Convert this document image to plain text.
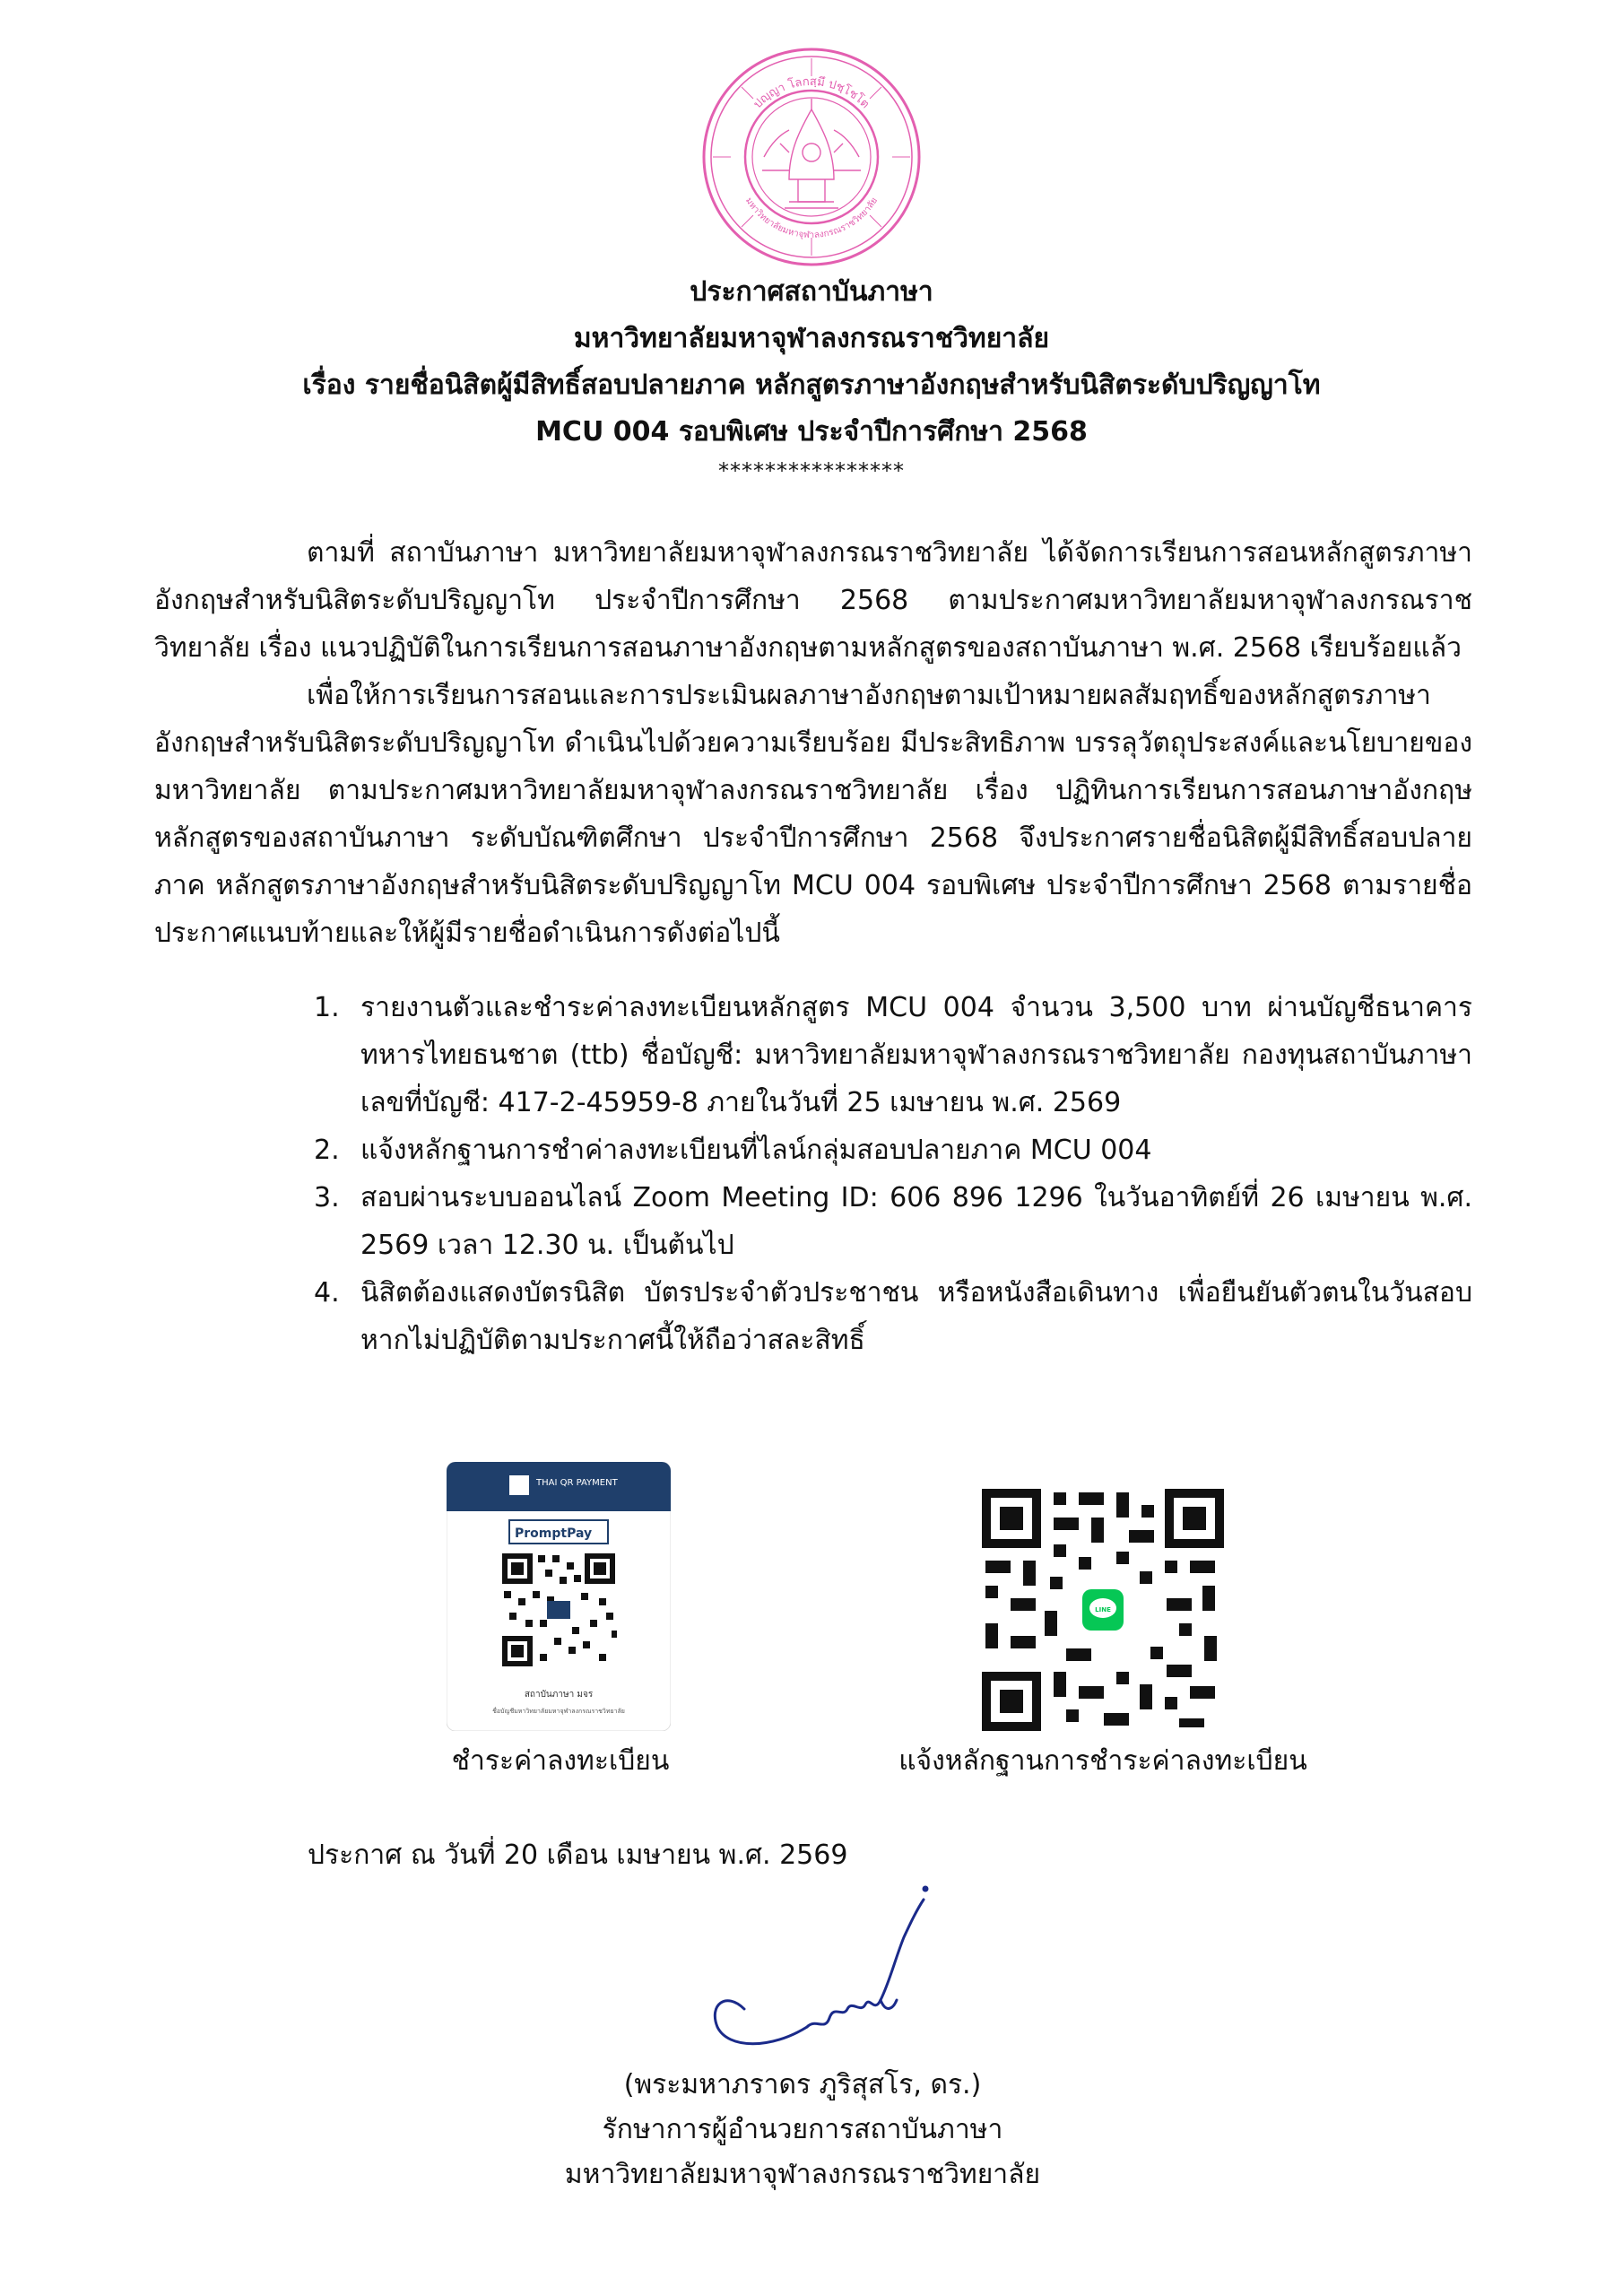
ปญฺญา โลกสฺมึ ปชฺโชโต
มหาวิทยาลัยมหาจุฬาลงกรณราชวิทยาลัย
ประกาศสถาบันภาษา
มหาวิทยาลัยมหาจุฬาลงกรณราชวิทยาลัย
เรื่อง รายชื่อนิสิตผู้มีสิทธิ์สอบปลายภาค หลักสูตรภาษาอังกฤษสำหรับนิสิตระดับปริญญาโท
MCU 004 รอบพิเศษ ประจำปีการศึกษา 2568
****************

ตามที่ สถาบันภาษา มหาวิทยาลัยมหาจุฬาลงกรณราชวิทยาลัย ได้จัดการเรียนการสอนหลักสูตรภาษาอังกฤษสำหรับนิสิตระดับปริญญาโท ประจำปีการศึกษา 2568 ตามประกาศมหาวิทยาลัยมหาจุฬาลงกรณราชวิทยาลัย เรื่อง แนวปฏิบัติในการเรียนการสอนภาษาอังกฤษตามหลักสูตรของสถาบันภาษา พ.ศ. 2568 เรียบร้อยแล้ว

เพื่อให้การเรียนการสอนและการประเมินผลภาษาอังกฤษตามเป้าหมายผลสัมฤทธิ์ของหลักสูตรภาษาอังกฤษสำหรับนิสิตระดับปริญญาโท ดำเนินไปด้วยความเรียบร้อย มีประสิทธิภาพ บรรลุวัตถุประสงค์และนโยบายของมหาวิทยาลัย ตามประกาศมหาวิทยาลัยมหาจุฬาลงกรณราชวิทยาลัย เรื่อง ปฏิทินการเรียนการสอนภาษาอังกฤษหลักสูตรของสถาบันภาษา ระดับบัณฑิตศึกษา ประจำปีการศึกษา 2568 จึงประกาศรายชื่อนิสิตผู้มีสิทธิ์สอบปลายภาค หลักสูตรภาษาอังกฤษสำหรับนิสิตระดับปริญญาโท MCU 004 รอบพิเศษ ประจำปีการศึกษา 2568 ตามรายชื่อประกาศแนบท้ายและให้ผู้มีรายชื่อดำเนินการดังต่อไปนี้

1. รายงานตัวและชำระค่าลงทะเบียนหลักสูตร MCU 004 จำนวน 3,500 บาท ผ่านบัญชีธนาคารทหารไทยธนชาต (ttb) ชื่อบัญชี: มหาวิทยาลัยมหาจุฬาลงกรณราชวิทยาลัย กองทุนสถาบันภาษา เลขที่บัญชี: 417-2-45959-8 ภายในวันที่ 25 เมษายน พ.ศ. 2569
2. แจ้งหลักฐานการชำค่าลงทะเบียนที่ไลน์กลุ่มสอบปลายภาค MCU 004
3. สอบผ่านระบบออนไลน์ Zoom Meeting ID: 606 896 1296 ในวันอาทิตย์ที่ 26 เมษายน พ.ศ. 2569 เวลา 12.30 น. เป็นต้นไป
4. นิสิตต้องแสดงบัตรนิสิต บัตรประจำตัวประชาชน หรือหนังสือเดินทาง เพื่อยืนยันตัวตนในวันสอบ หากไม่ปฏิบัติตามประกาศนี้ให้ถือว่าสละสิทธิ์
THAI QR PAYMENT
PromptPay
สถาบันภาษา มจร
ชื่อบัญชีมหาวิทยาลัยมหาจุฬาลงกรณราชวิทยาลัย
LINE
ชำระค่าลงทะเบียน	แจ้งหลักฐานการชำระค่าลงทะเบียน
ประกาศ ณ วันที่ 20 เดือน เมษายน พ.ศ. 2569
(พระมหาภราดร ภูริสุสโร, ดร.)
รักษาการผู้อำนวยการสถาบันภาษา
มหาวิทยาลัยมหาจุฬาลงกรณราชวิทยาลัย
